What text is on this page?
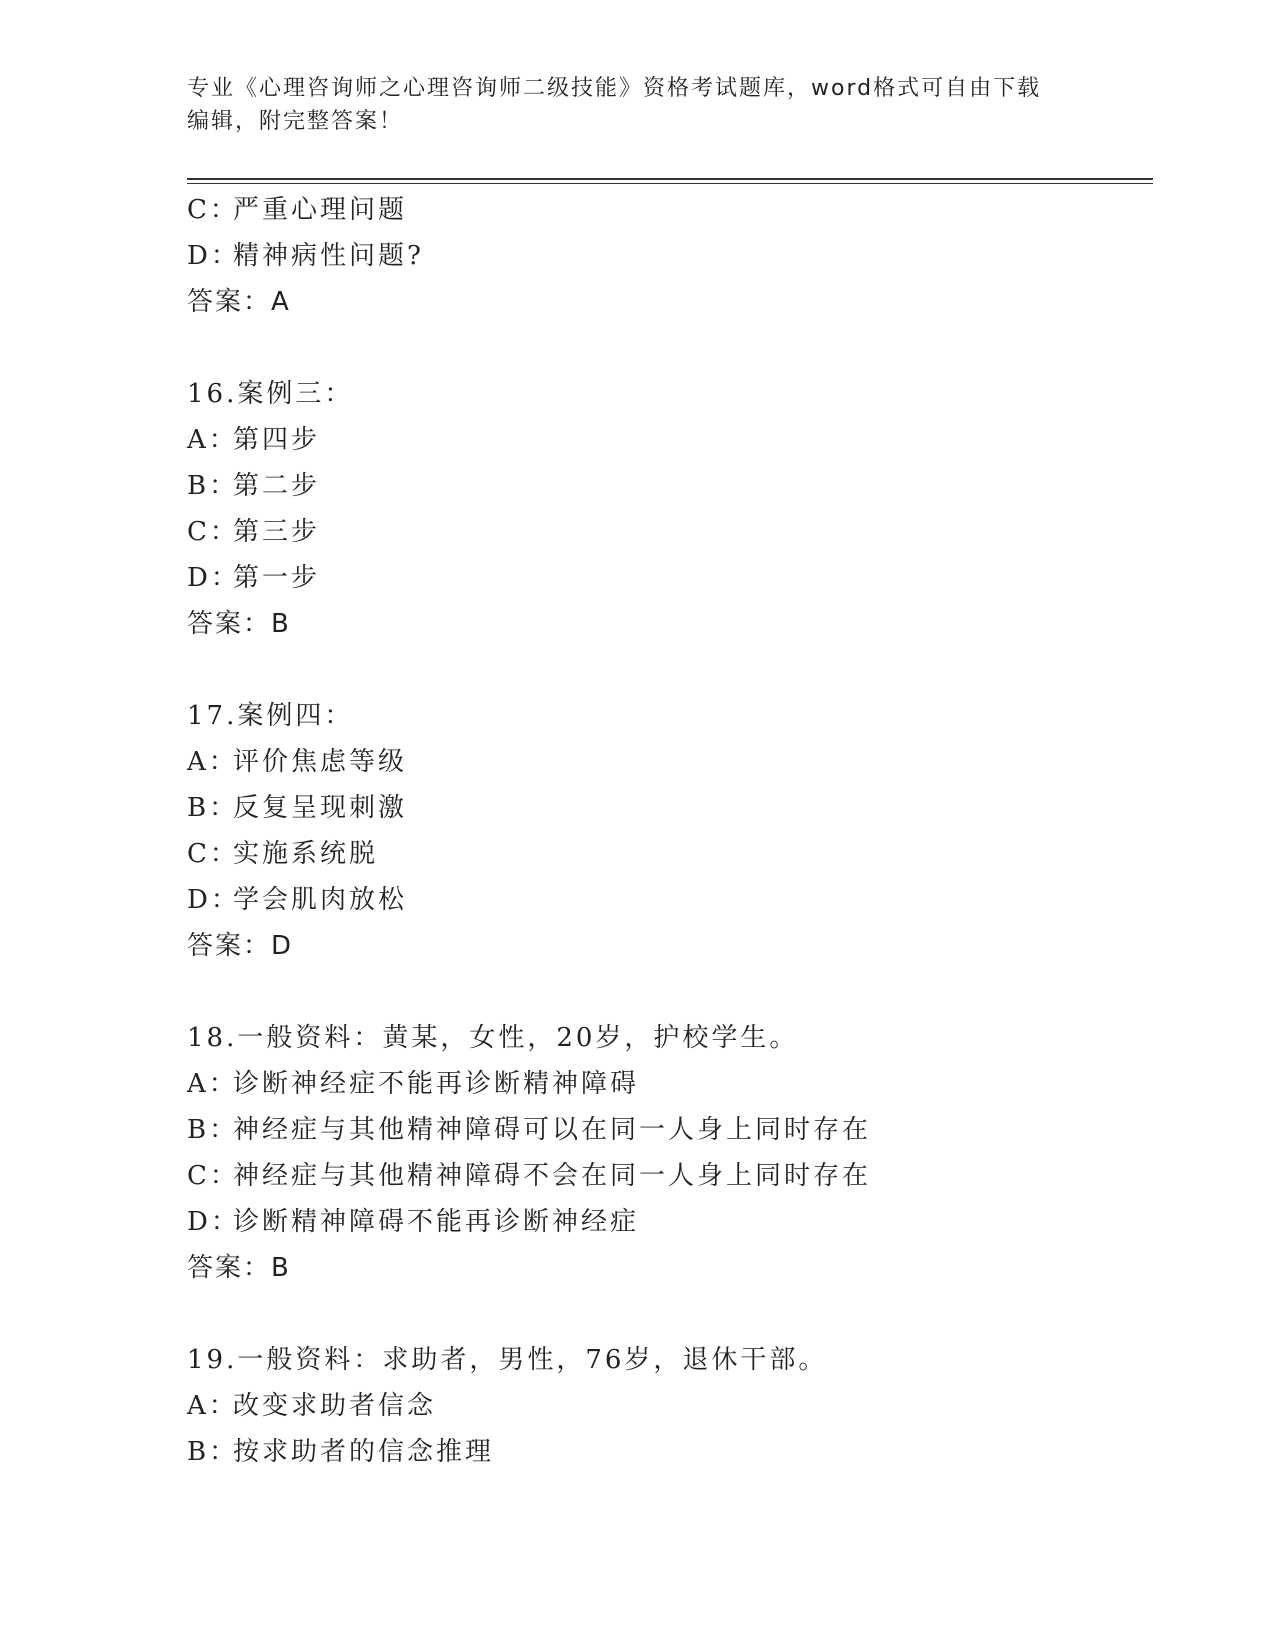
专业《心理咨询师之心理咨询师二级技能》资格考试题库，word格式可自由下载
编辑，附完整答案！
C：严重心理问题
D：精神病性问题?
答案：A
16.案例三：
A：第四步
B：第二步
C：第三步
D：第一步
答案：B
17.案例四：
A：评价焦虑等级
B：反复呈现刺激
C：实施系统脱
D：学会肌肉放松
答案：D
18.一般资料：黄某，女性，20岁，护校学生。
A：诊断神经症不能再诊断精神障碍
B：神经症与其他精神障碍可以在同一人身上同时存在
C：神经症与其他精神障碍不会在同一人身上同时存在
D：诊断精神障碍不能再诊断神经症
答案：B
19.一般资料：求助者，男性，76岁，退休干部。
A：改变求助者信念
B：按求助者的信念推理
